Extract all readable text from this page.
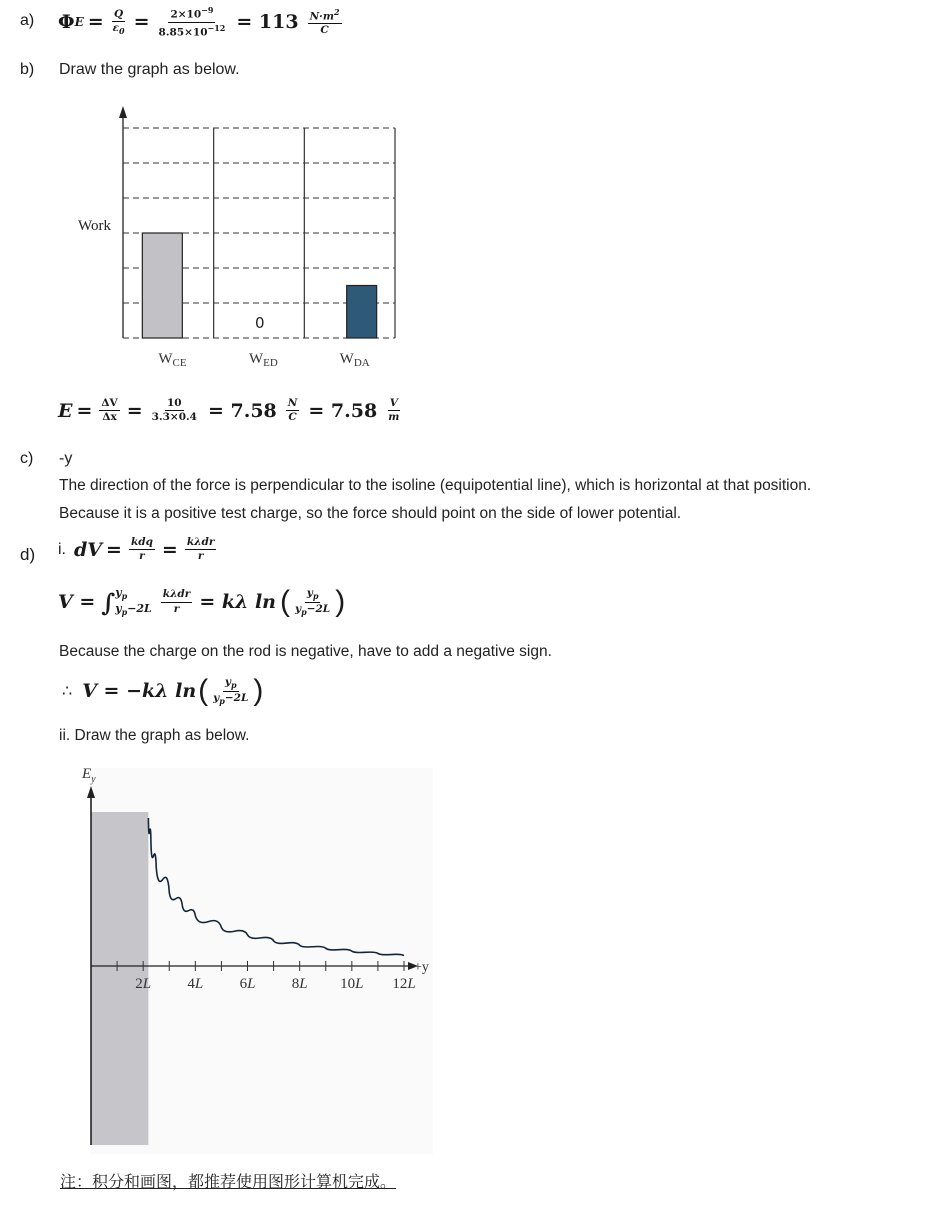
a) Φ $E = \frac{Q}{\varepsilon_0} = \frac{2\times 10^{-9}}{8.85\times 10^{-12}} = 113 \frac{N\cdot m^2}{C}$
b) Draw the graph as below.
Work
0
$W_{CE}$	$W_{ED}$	$W_{DA}$
$E = \frac{\Delta V}{\Delta x} = \frac{10}{3.3\times 0.4} = 7.58 \frac{N}{C} = 7.58 \frac{V}{m}$
c) -y
The direction of the force is perpendicular to the isoline (equipotential line), which is horizontal at that position.
Because it is a positive test charge, so the force should point on the side of lower potential.
d) i. dV = $\frac{\text{kdq}}{r} = \frac{\text{kλdr}}{r}$
V = ∫ $y_p$
$y_p-2L \frac{\text{kλdr}}{r} = k\lambda$ ln ( $\frac{y_p}{y_p-2L}$ )
Because the charge on the rod is negative, have to add a negative sign.
∴ V = −kλ ln ( $\frac{y_p}{y_p-2L}$ )
ii. Draw the graph as below.
2L 4L 6L 8L 10L 12L
+y
$E_y$
注：积分和画图，都推荐使用图形计算机完成。
